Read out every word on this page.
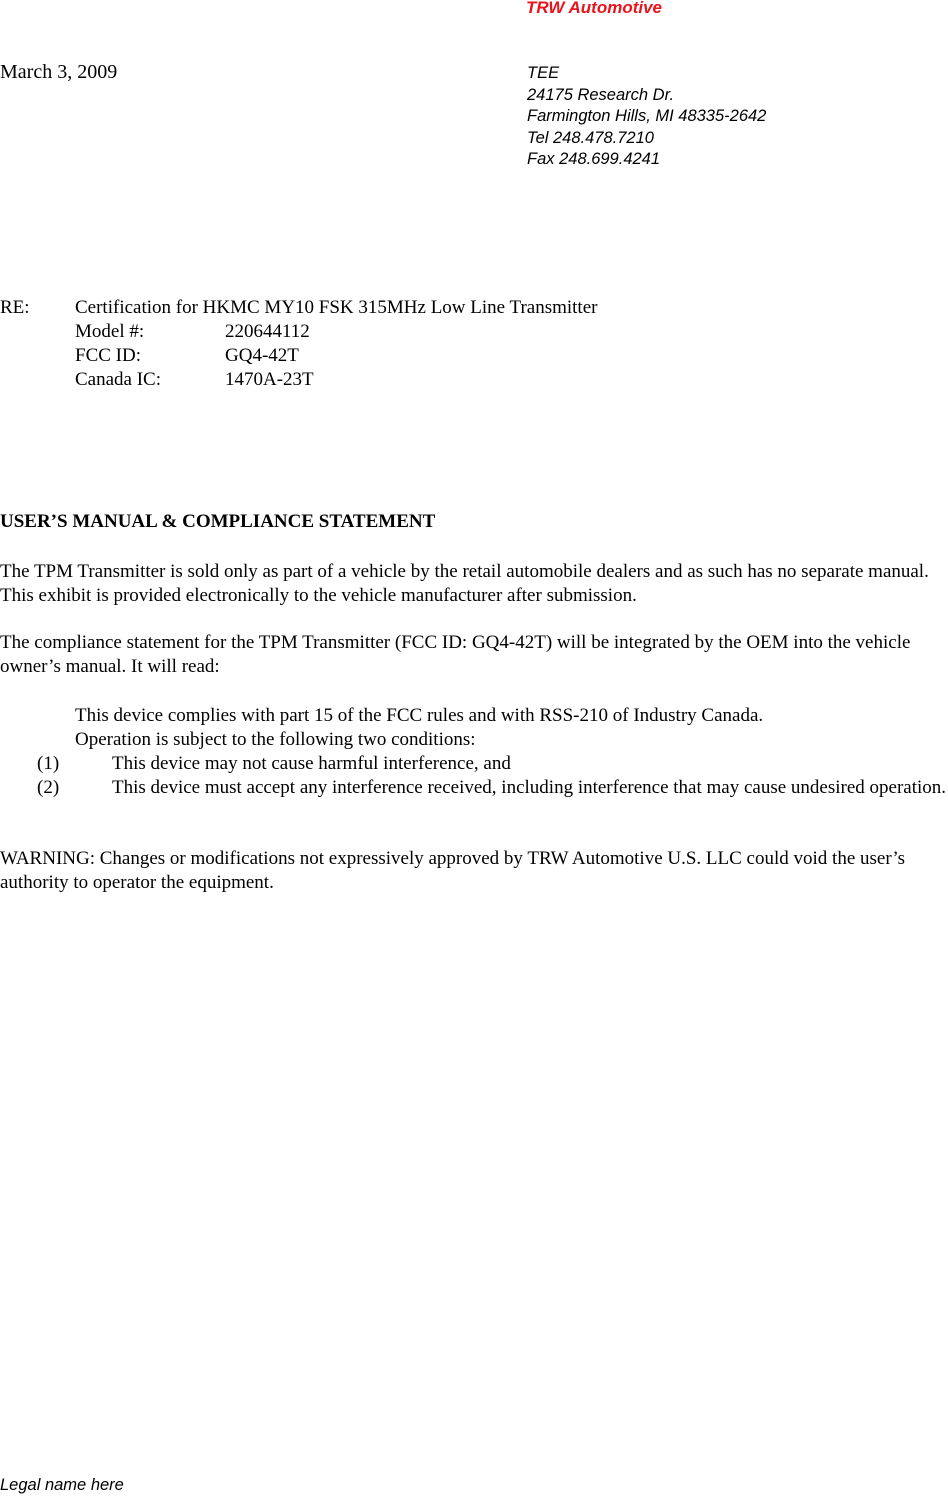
TRW Automotive
March 3, 2009	TEE
24175 Research Dr.
Farmington Hills, MI 48335-2642
Tel 248.478.7210
Fax 248.699.4241
RE:	Certification for HKMC MY10 FSK 315MHz Low Line Transmitter
Model #:	220644112
FCC ID:	GQ4-42T
Canada IC:	1470A-23T
USER’S MANUAL & COMPLIANCE STATEMENT
The TPM Transmitter is sold only as part of a vehicle by the retail automobile dealers and as such has no separate manual. This exhibit is provided electronically to the vehicle manufacturer after submission.
The compliance statement for the TPM Transmitter (FCC ID: GQ4-42T) will be integrated by the OEM into the vehicle owner’s manual. It will read:
This device complies with part 15 of the FCC rules and with RSS-210 of Industry Canada.
Operation is subject to the following two conditions:
(1)	This device may not cause harmful interference, and
(2)	This device must accept any interference received, including interference that may cause undesired operation.
WARNING: Changes or modifications not expressively approved by TRW Automotive U.S. LLC could void the user’s authority to operator the equipment.
Legal name here
